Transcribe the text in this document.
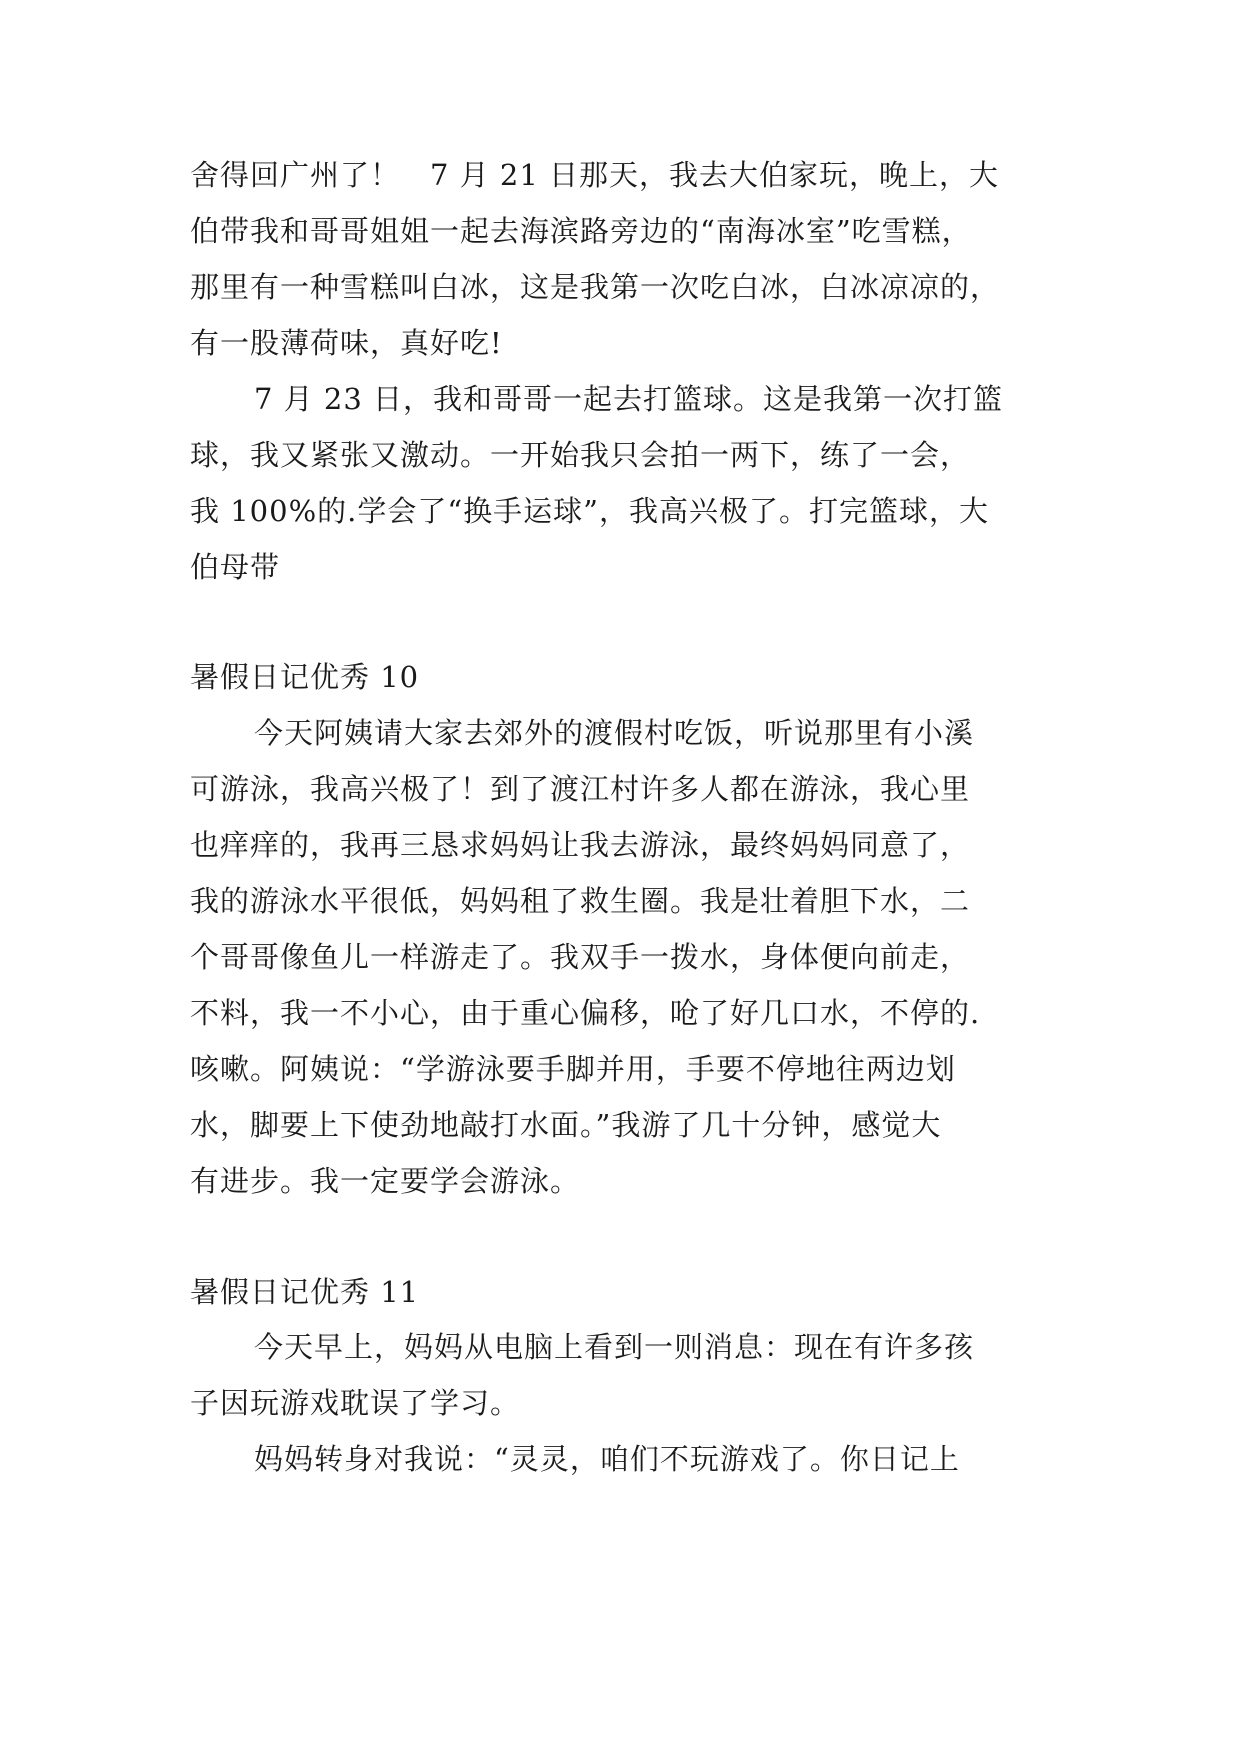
舍得回广州了！　7 月 21 日那天，我去大伯家玩，晚上，大
伯带我和哥哥姐姐一起去海滨路旁边的“南海冰室”吃雪糕，
那里有一种雪糕叫白冰，这是我第一次吃白冰，白冰凉凉的，
有一股薄荷味，真好吃!
7 月 23 日，我和哥哥一起去打篮球。这是我第一次打篮
球，我又紧张又激动。一开始我只会拍一两下，练了一会，
我 100%的.学会了“换手运球”，我高兴极了。打完篮球，大
伯母带
暑假日记优秀 10
今天阿姨请大家去郊外的渡假村吃饭，听说那里有小溪
可游泳，我高兴极了！到了渡江村许多人都在游泳，我心里
也痒痒的，我再三恳求妈妈让我去游泳，最终妈妈同意了，
我的游泳水平很低，妈妈租了救生圈。我是壮着胆下水，二
个哥哥像鱼儿一样游走了。我双手一拨水，身体便向前走，
不料，我一不小心，由于重心偏移，呛了好几口水，不停的.
咳嗽。阿姨说：“学游泳要手脚并用，手要不停地往两边划
水，脚要上下使劲地敲打水面。”我游了几十分钟，感觉大
有进步。我一定要学会游泳。
暑假日记优秀 11
今天早上，妈妈从电脑上看到一则消息：现在有许多孩
子因玩游戏耽误了学习。
妈妈转身对我说：“灵灵，咱们不玩游戏了。你日记上
